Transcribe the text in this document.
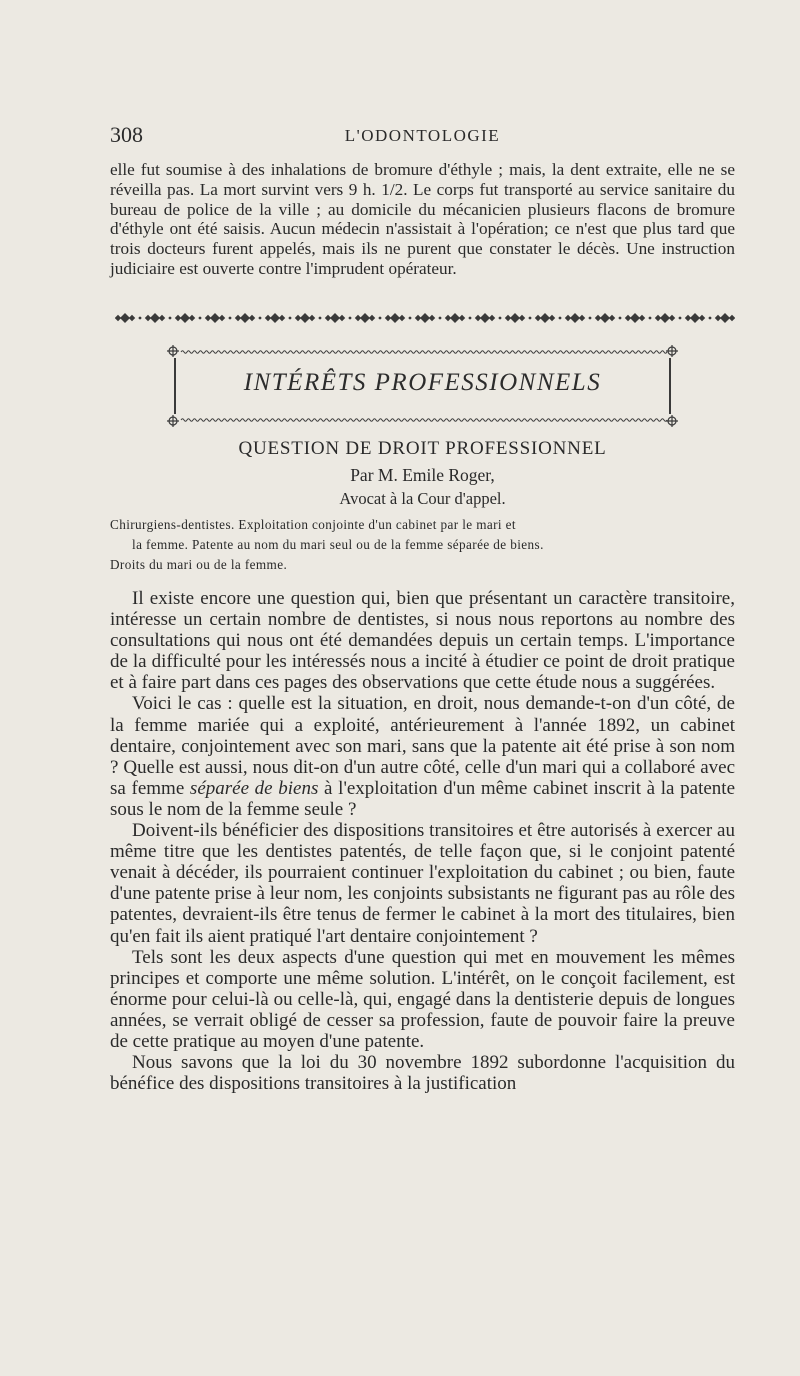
308	L'ODONTOLOGIE
elle fut soumise à des inhalations de bromure d'éthyle ; mais, la dent extraite, elle ne se réveilla pas. La mort survint vers 9 h. 1/2. Le corps fut transporté au service sanitaire du bureau de police de la ville ; au domicile du mécanicien plusieurs flacons de bromure d'éthyle ont été saisis. Aucun médecin n'assistait à l'opération; ce n'est que plus tard que trois docteurs furent appelés, mais ils ne purent que constater le décès. Une instruction judiciaire est ouverte contre l'imprudent opérateur.
INTÉRÊTS PROFESSIONNELS
QUESTION DE DROIT PROFESSIONNEL
Par M. Emile Roger,
Avocat à la Cour d'appel.
Chirurgiens-dentistes. Exploitation conjointe d'un cabinet par le mari et
la femme. Patente au nom du mari seul ou de la femme séparée de biens.
Droits du mari ou de la femme.

Il existe encore une question qui, bien que présentant un caractère transitoire, intéresse un certain nombre de dentistes, si nous nous reportons au nombre des consultations qui nous ont été demandées depuis un certain temps. L'importance de la difficulté pour les intéressés nous a incité à étudier ce point de droit pratique et à faire part dans ces pages des observations que cette étude nous a suggérées.

Voici le cas : quelle est la situation, en droit, nous demande-t-on d'un côté, de la femme mariée qui a exploité, antérieurement à l'année 1892, un cabinet dentaire, conjointement avec son mari, sans que la patente ait été prise à son nom ? Quelle est aussi, nous dit-on d'un autre côté, celle d'un mari qui a collaboré avec sa femme séparée de biens à l'exploitation d'un même cabinet inscrit à la patente sous le nom de la femme seule ?

Doivent-ils bénéficier des dispositions transitoires et être autorisés à exercer au même titre que les dentistes patentés, de telle façon que, si le conjoint patenté venait à décéder, ils pourraient continuer l'exploitation du cabinet ; ou bien, faute d'une patente prise à leur nom, les conjoints subsistants ne figurant pas au rôle des patentes, devraient-ils être tenus de fermer le cabinet à la mort des titulaires, bien qu'en fait ils aient pratiqué l'art dentaire conjointement ?

Tels sont les deux aspects d'une question qui met en mouvement les mêmes principes et comporte une même solution. L'intérêt, on le conçoit facilement, est énorme pour celui-là ou celle-là, qui, engagé dans la dentisterie depuis de longues années, se verrait obligé de cesser sa profession, faute de pouvoir faire la preuve de cette pratique au moyen d'une patente.

Nous savons que la loi du 30 novembre 1892 subordonne l'acquisition du bénéfice des dispositions transitoires à la justification
